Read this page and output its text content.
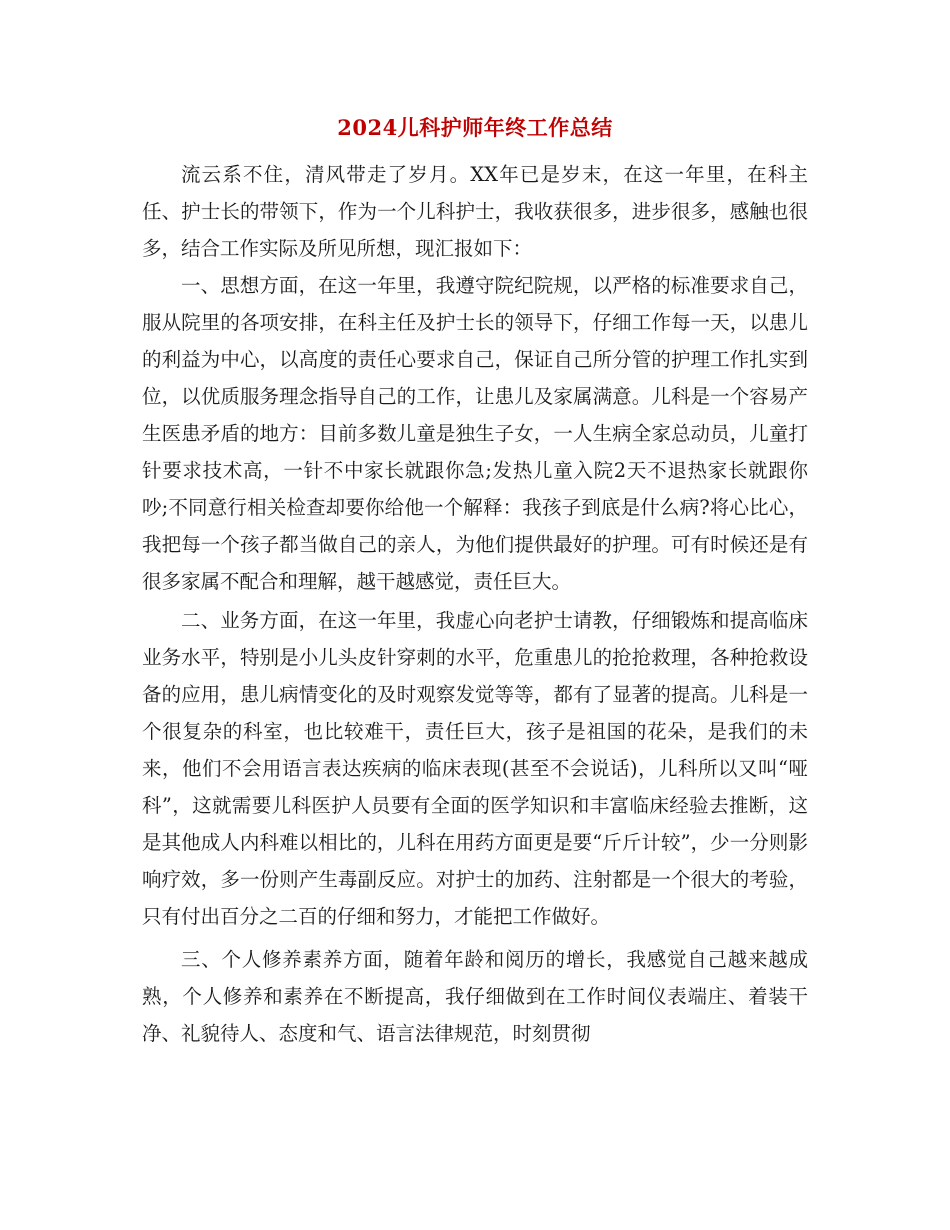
2024儿科护师年终工作总结

流云系不住，清风带走了岁月。XX年已是岁末，在这一年里，在科主任、护士长的带领下，作为一个儿科护士，我收获很多，进步很多，感触也很多，结合工作实际及所见所想，现汇报如下：

一、思想方面，在这一年里，我遵守院纪院规，以严格的标准要求自己，服从院里的各项安排，在科主任及护士长的领导下，仔细工作每一天，以患儿的利益为中心，以高度的责任心要求自己，保证自己所分管的护理工作扎实到位，以优质服务理念指导自己的工作，让患儿及家属满意。儿科是一个容易产生医患矛盾的地方：目前多数儿童是独生子女，一人生病全家总动员，儿童打针要求技术高，一针不中家长就跟你急;发热儿童入院2天不退热家长就跟你吵;不同意行相关检查却要你给他一个解释：我孩子到底是什么病?将心比心，我把每一个孩子都当做自己的亲人，为他们提供最好的护理。可有时候还是有很多家属不配合和理解，越干越感觉，责任巨大。

二、业务方面，在这一年里，我虚心向老护士请教，仔细锻炼和提高临床业务水平，特别是小儿头皮针穿刺的水平，危重患儿的抢抢救理，各种抢救设备的应用，患儿病情变化的及时观察发觉等等，都有了显著的提高。儿科是一个很复杂的科室，也比较难干，责任巨大，孩子是祖国的花朵，是我们的未来，他们不会用语言表达疾病的临床表现(甚至不会说话)，儿科所以又叫“哑科”，这就需要儿科医护人员要有全面的医学知识和丰富临床经验去推断，这是其他成人内科难以相比的，儿科在用药方面更是要“斤斤计较”，少一分则影响疗效，多一份则产生毒副反应。对护士的加药、注射都是一个很大的考验，只有付出百分之二百的仔细和努力，才能把工作做好。

三、个人修养素养方面，随着年龄和阅历的增长，我感觉自己越来越成熟，个人修养和素养在不断提高，我仔细做到在工作时间仪表端庄、着装干净、礼貌待人、态度和气、语言法律规范，时刻贯彻
